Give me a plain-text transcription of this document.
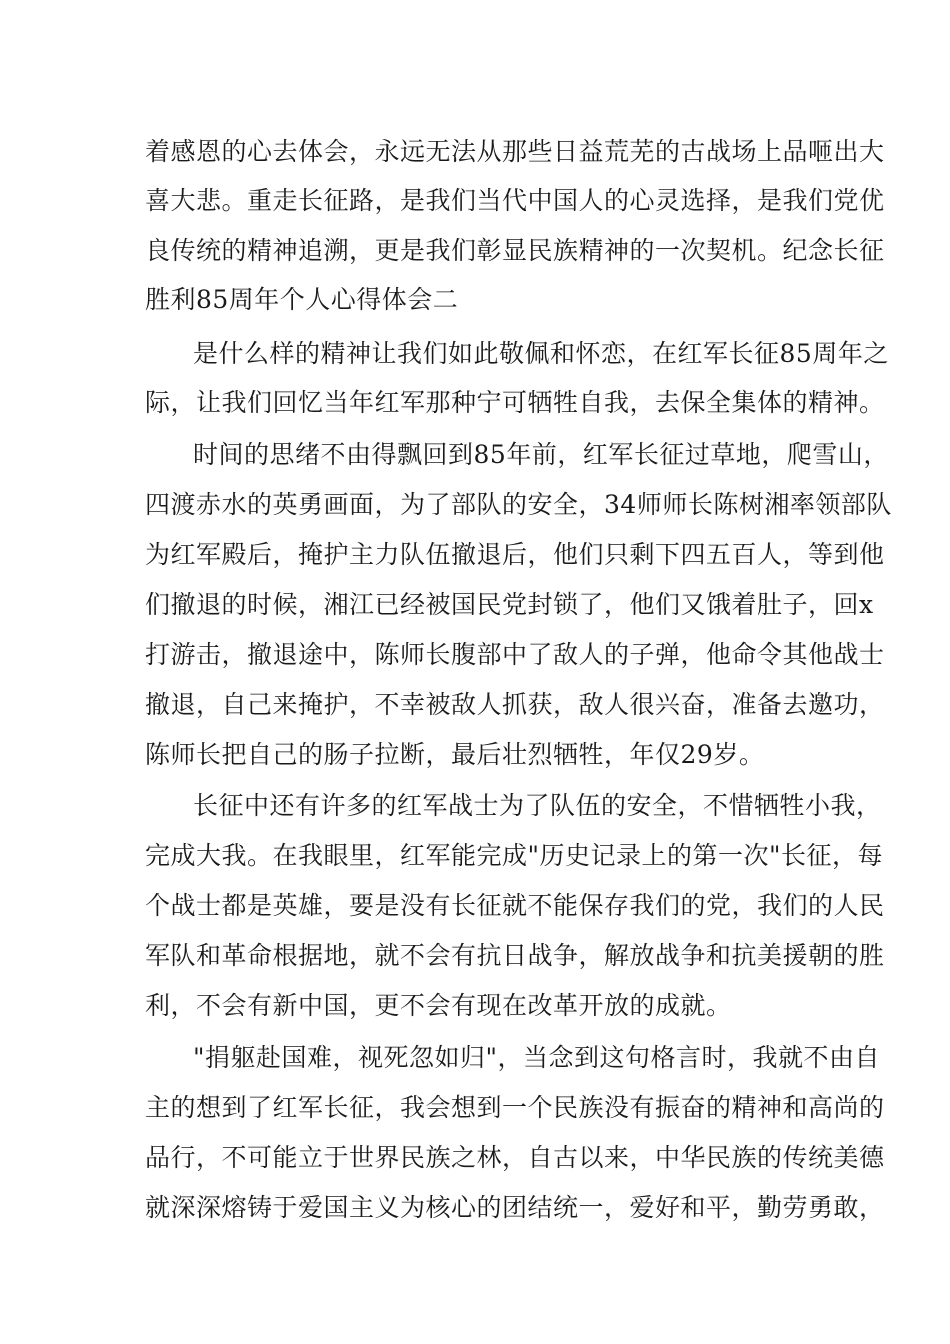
着感恩的心去体会，永远无法从那些日益荒芜的古战场上品咂出大
喜大悲。重走长征路，是我们当代中国人的心灵选择，是我们党优
良传统的精神追溯，更是我们彰显民族精神的一次契机。纪念长征
胜利85周年个人心得体会二
是什么样的精神让我们如此敬佩和怀恋，在红军长征85周年之
际，让我们回忆当年红军那种宁可牺牲自我，去保全集体的精神。
时间的思绪不由得飘回到85年前，红军长征过草地，爬雪山，
四渡赤水的英勇画面，为了部队的安全，34师师长陈树湘率领部队
为红军殿后，掩护主力队伍撤退后，他们只剩下四五百人，等到他
们撤退的时候，湘江已经被国民党封锁了，他们又饿着肚子，回x
打游击，撤退途中，陈师长腹部中了敌人的子弹，他命令其他战士
撤退，自己来掩护，不幸被敌人抓获，敌人很兴奋，准备去邀功，
陈师长把自己的肠子拉断，最后壮烈牺牲，年仅29岁。
长征中还有许多的红军战士为了队伍的安全，不惜牺牲小我，
完成大我。在我眼里，红军能完成"历史记录上的第一次"长征，每
个战士都是英雄，要是没有长征就不能保存我们的党，我们的人民
军队和革命根据地，就不会有抗日战争，解放战争和抗美援朝的胜
利，不会有新中国，更不会有现在改革开放的成就。
"捐躯赴国难，视死忽如归"，当念到这句格言时，我就不由自
主的想到了红军长征，我会想到一个民族没有振奋的精神和高尚的
品行，不可能立于世界民族之林，自古以来，中华民族的传统美德
就深深熔铸于爱国主义为核心的团结统一，爱好和平，勤劳勇敢，
